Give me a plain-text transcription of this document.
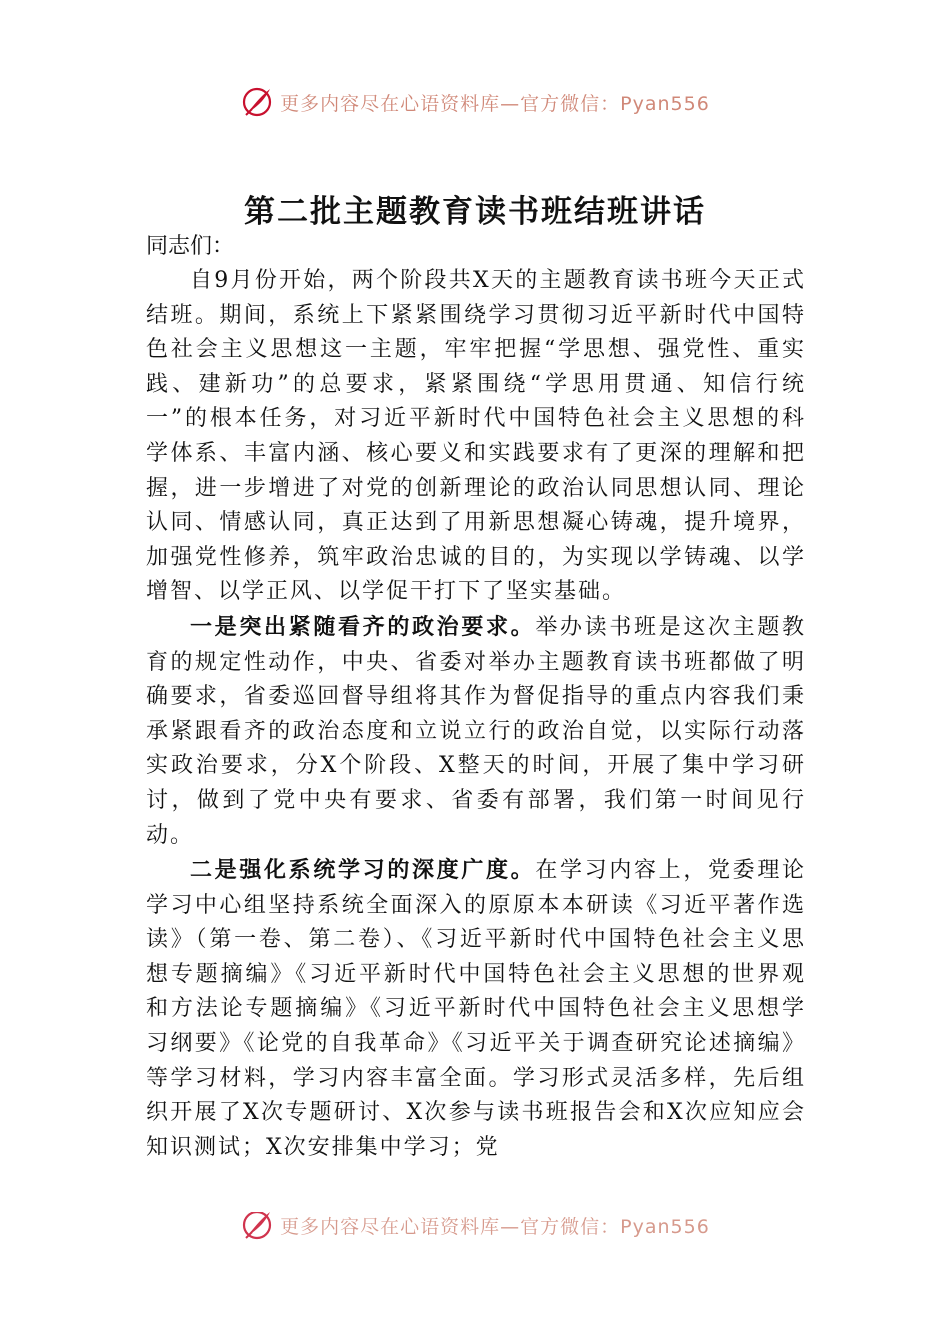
更多内容尽在心语资料库—官方微信：Pyan556
第二批主题教育读书班结班讲话

同志们：

自9月份开始，两个阶段共X天的主题教育读书班今天正式结班。期间，系统上下紧紧围绕学习贯彻习近平新时代中国特色社会主义思想这一主题，牢牢把握“学思想、强党性、重实践、建新功”的总要求，紧紧围绕“学思用贯通、知信行统一”的根本任务，对习近平新时代中国特色社会主义思想的科学体系、丰富内涵、核心要义和实践要求有了更深的理解和把握，进一步增进了对党的创新理论的政治认同思想认同、理论认同、情感认同，真正达到了用新思想凝心铸魂，提升境界，加强党性修养，筑牢政治忠诚的目的，为实现以学铸魂、以学增智、以学正风、以学促干打下了坚实基础。

一是突出紧随看齐的政治要求。举办读书班是这次主题教育的规定性动作，中央、省委对举办主题教育读书班都做了明确要求，省委巡回督导组将其作为督促指导的重点内容我们秉承紧跟看齐的政治态度和立说立行的政治自觉，以实际行动落实政治要求，分X个阶段、X整天的时间，开展了集中学习研讨，做到了党中央有要求、省委有部署，我们第一时间见行动。

二是强化系统学习的深度广度。在学习内容上，党委理论学习中心组坚持系统全面深入的原原本本研读《习近平著作选读》（第一卷、第二卷）、《习近平新时代中国特色社会主义思想专题摘编》《习近平新时代中国特色社会主义思想的世界观和方法论专题摘编》《习近平新时代中国特色社会主义思想学习纲要》《论党的自我革命》《习近平关于调查研究论述摘编》等学习材料，学习内容丰富全面。学习形式灵活多样，先后组织开展了X次专题研讨、X次参与读书班报告会和X次应知应会知识测试；X次安排集中学习；党

更多内容尽在心语资料库—官方微信：Pyan556
